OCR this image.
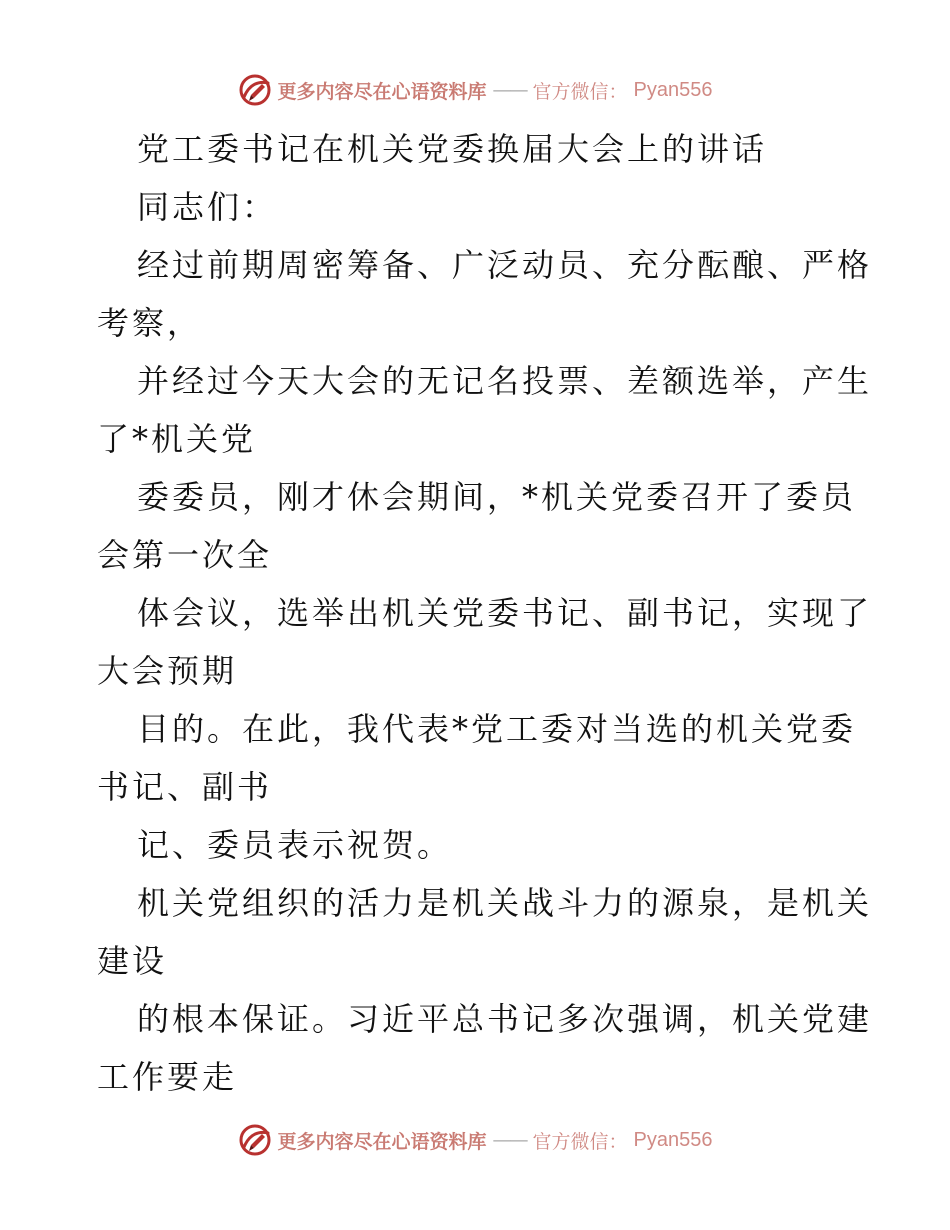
更多内容尽在心语资料库 —— 官方微信： Pyan556
党工委书记在机关党委换届大会上的讲话
同志们：
经过前期周密筹备、广泛动员、充分酝酿、严格
考察，
并经过今天大会的无记名投票、差额选举，产生
了*机关党
委委员，刚才休会期间，*机关党委召开了委员
会第一次全
体会议，选举出机关党委书记、副书记，实现了
大会预期
目的。在此，我代表*党工委对当选的机关党委
书记、副书
记、委员表示祝贺。
机关党组织的活力是机关战斗力的源泉，是机关
建设
的根本保证。习近平总书记多次强调，机关党建
工作要走
更多内容尽在心语资料库 —— 官方微信： Pyan556
